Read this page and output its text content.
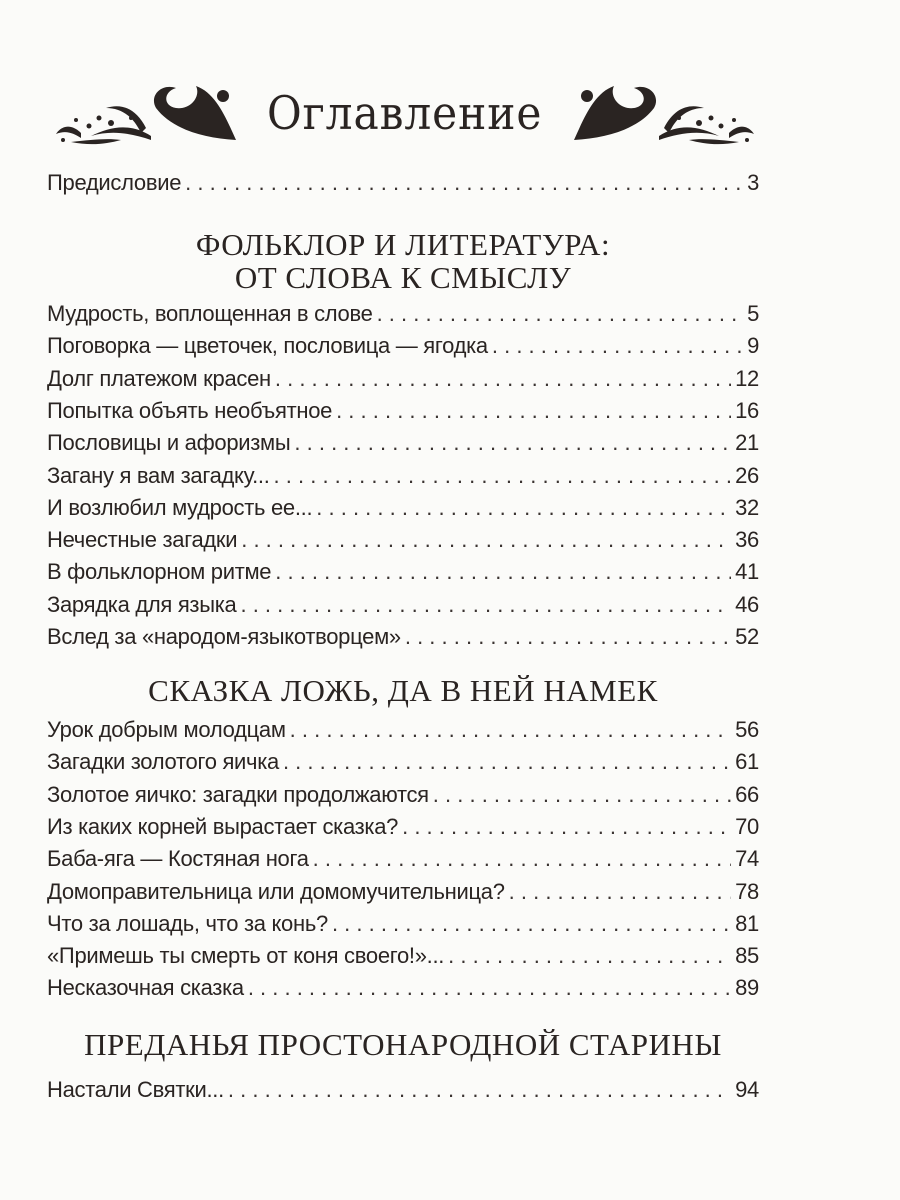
Оглавление
Предисловие . . .	3
ФОЛЬКЛОР И ЛИТЕРАТУРА:
ОТ СЛОВА К СМЫСЛУ
Мудрость, воплощенная в слове . . .	5
Поговорка — цветочек, пословица — ягодка . . .	9
Долг платежом красен . . .	12
Попытка объять необъятное . . .	16
Пословицы и афоризмы . . .	21
Загану я вам загадку... . . .	26
И возлюбил мудрость ее... . . .	32
Нечестные загадки . . .	36
В фольклорном ритме . . .	41
Зарядка для языка . . .	46
Вслед за «народом-языкотворцем» . . .	52
СКАЗКА ЛОЖЬ, ДА В НЕЙ НАМЕК
Урок добрым молодцам . . .	56
Загадки золотого яичка . . .	61
Золотое яичко: загадки продолжаются . . .	66
Из каких корней вырастает сказка? . . .	70
Баба-яга — Костяная нога . . .	74
Домоправительница или домомучительница? . . .	78
Что за лошадь, что за конь? . . .	81
«Примешь ты смерть от коня своего!»... . . .	85
Несказочная сказка . . .	89
ПРЕДАНЬЯ ПРОСТОНАРОДНОЙ СТАРИНЫ
Настали Святки... . . .	94
